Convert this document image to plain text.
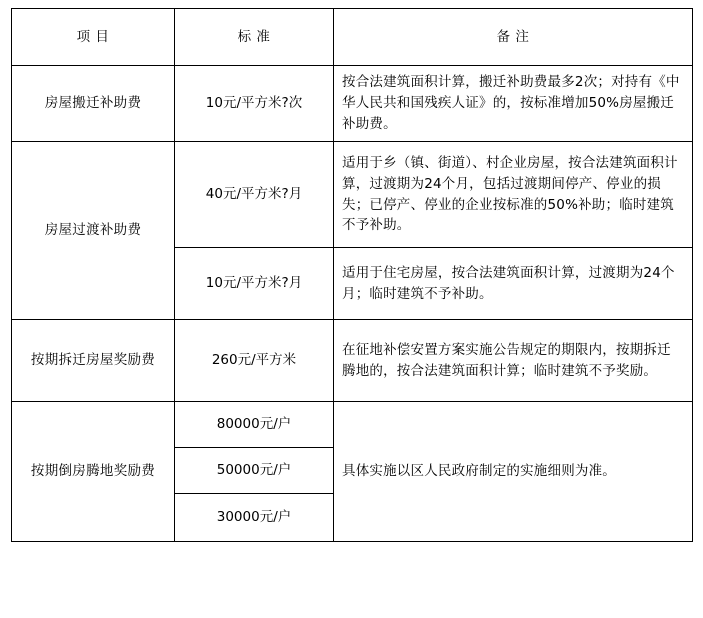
项 目	标 准	备 注
房屋搬迁补助费	10元/平方米?次	按合法建筑面积计算，搬迁补助费最多2次；对持有《中华人民共和国残疾人证》的，按标准增加50%房屋搬迁补助费。
房屋过渡补助费	40元/平方米?月	适用于乡（镇、街道）、村企业房屋，按合法建筑面积计算，过渡期为24个月，包括过渡期间停产、停业的损失；已停产、停业的企业按标准的50%补助；临时建筑不予补助。
	10元/平方米?月	适用于住宅房屋，按合法建筑面积计算，过渡期为24个月；临时建筑不予补助。
按期拆迁房屋奖励费	260元/平方米	在征地补偿安置方案实施公告规定的期限内，按期拆迁腾地的，按合法建筑面积计算；临时建筑不予奖励。
按期倒房腾地奖励费	80000元/户	具体实施以区人民政府制定的实施细则为准。
	50000元/户	
	30000元/户	
